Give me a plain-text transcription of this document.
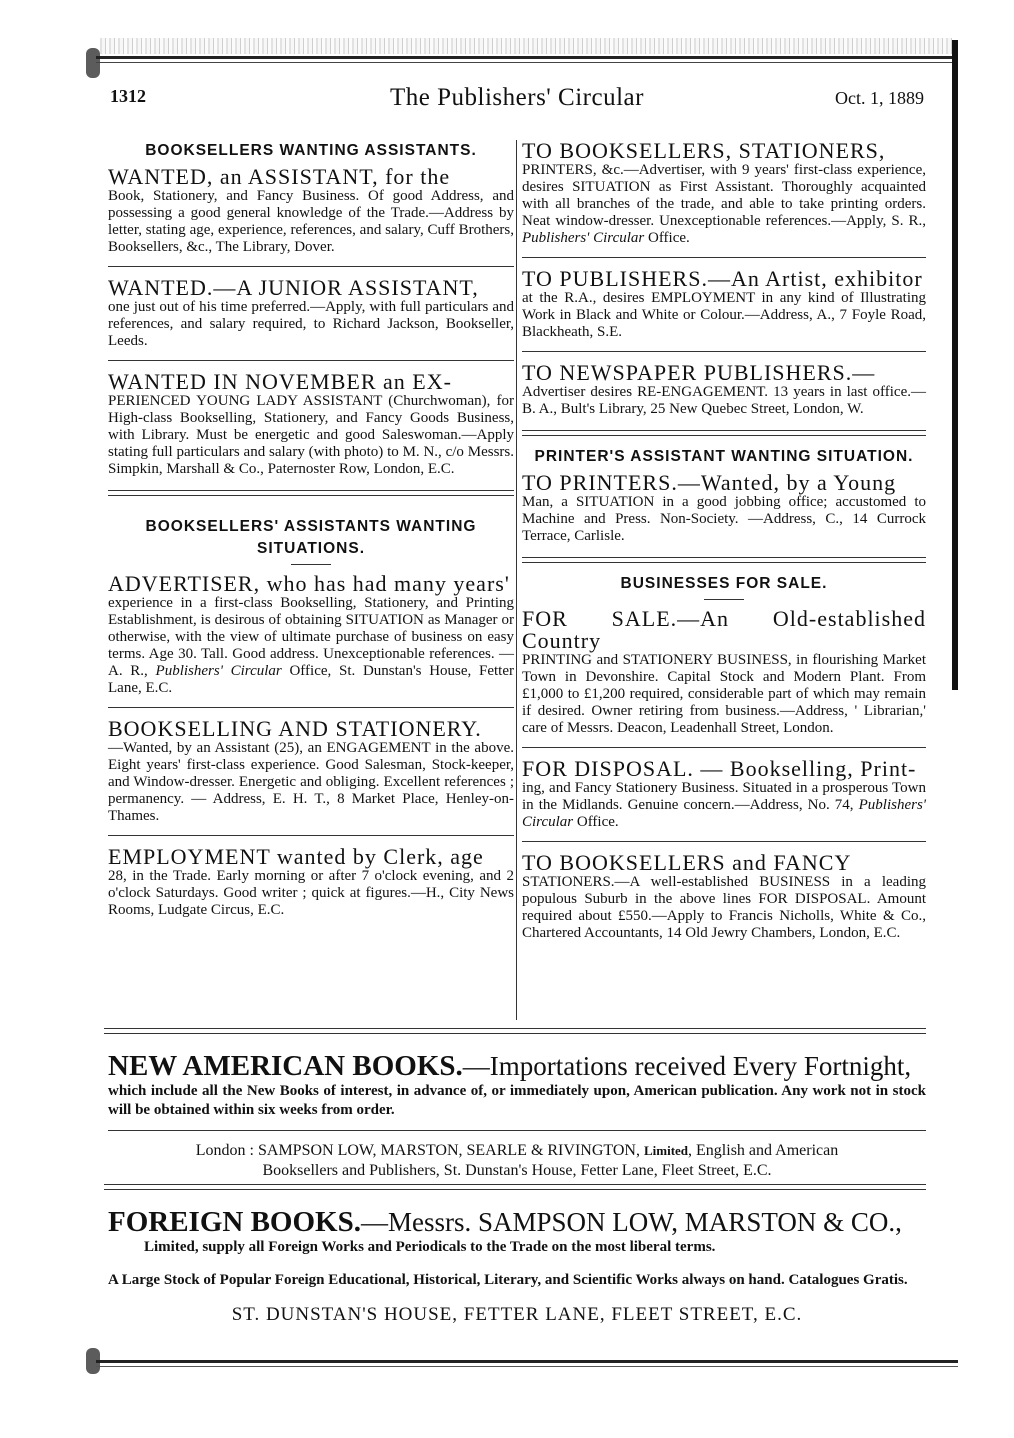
1312	The Publishers' Circular	Oct. 1, 1889
BOOKSELLERS WANTING ASSISTANTS.
WANTED, an ASSISTANT, for the

Book, Stationery, and Fancy Business. Of good Address, and possessing a good general knowledge of the Trade.—Address by letter, stating age, experience, references, and salary, Cuff Brothers, Booksellers, &c., The Library, Dover.

WANTED.—A JUNIOR ASSISTANT,

one just out of his time preferred.—Apply, with full particulars and references, and salary required, to Richard Jackson, Bookseller, Leeds.

WANTED IN NOVEMBER an EX-

PERIENCED YOUNG LADY ASSISTANT (Churchwoman), for High-class Bookselling, Stationery, and Fancy Goods Business, with Library. Must be energetic and good Saleswoman.—Apply stating full particulars and salary (with photo) to M. N., c/o Messrs. Simpkin, Marshall & Co., Paternoster Row, London, E.C.

BOOKSELLERS' ASSISTANTS WANTING
SITUATIONS.
ADVERTISER, who has had many years'

experience in a first-class Bookselling, Stationery, and Printing Establishment, is desirous of obtaining SITUATION as Manager or otherwise, with the view of ultimate purchase of business on easy terms. Age 30. Tall. Good address. Unexceptionable references. — A. R., Publishers' Circular Office, St. Dunstan's House, Fetter Lane, E.C.

BOOKSELLING AND STATIONERY.

—Wanted, by an Assistant (25), an ENGAGEMENT in the above. Eight years' first-class experience. Good Salesman, Stock-keeper, and Window-dresser. Energetic and obliging. Excellent references ; permanency. — Address, E. H. T., 8 Market Place, Henley-on-Thames.

EMPLOYMENT wanted by Clerk, age

28, in the Trade. Early morning or after 7 o'clock evening, and 2 o'clock Saturdays. Good writer ; quick at figures.—H., City News Rooms, Ludgate Circus, E.C.

TO BOOKSELLERS, STATIONERS,

PRINTERS, &c.—Advertiser, with 9 years' first-class experience, desires SITUATION as First Assistant. Thoroughly acquainted with all branches of the trade, and able to take printing orders. Neat window-dresser. Unexceptionable references.—Apply, S. R., Publishers' Circular Office.

TO PUBLISHERS.—An Artist, exhibitor

at the R.A., desires EMPLOYMENT in any kind of Illustrating Work in Black and White or Colour.—Address, A., 7 Foyle Road, Blackheath, S.E.

TO NEWSPAPER PUBLISHERS.—

Advertiser desires RE-ENGAGEMENT. 13 years in last office.—B. A., Bult's Library, 25 New Quebec Street, London, W.

PRINTER'S ASSISTANT WANTING SITUATION.
TO PRINTERS.—Wanted, by a Young

Man, a SITUATION in a good jobbing office; accustomed to Machine and Press. Non-Society. —Address, C., 14 Currock Terrace, Carlisle.

BUSINESSES FOR SALE.
FOR SALE.—An Old-established Country

PRINTING and STATIONERY BUSINESS, in flourishing Market Town in Devonshire. Capital Stock and Modern Plant. From £1,000 to £1,200 required, considerable part of which may remain if desired. Owner retiring from business.—Address, ' Librarian,' care of Messrs. Deacon, Leadenhall Street, London.

FOR DISPOSAL. — Bookselling, Print-

ing, and Fancy Stationery Business. Situated in a prosperous Town in the Midlands. Genuine concern.—Address, No. 74, Publishers' Circular Office.

TO BOOKSELLERS and FANCY

STATIONERS.—A well-established BUSINESS in a leading populous Suburb in the above lines FOR DISPOSAL. Amount required about £550.—Apply to Francis Nicholls, White & Co., Chartered Accountants, 14 Old Jewry Chambers, London, E.C.

NEW AMERICAN BOOKS.—Importations received Every Fortnight,

which include all the New Books of interest, in advance of, or immediately upon, American publication. Any work not in stock will be obtained within six weeks from order.

London : SAMPSON LOW, MARSTON, SEARLE & RIVINGTON, Limited, English and American

Booksellers and Publishers, St. Dunstan's House, Fetter Lane, Fleet Street, E.C.

FOREIGN BOOKS.—Messrs. SAMPSON LOW, MARSTON & CO.,

Limited, supply all Foreign Works and Periodicals to the Trade on the most liberal terms.

A Large Stock of Popular Foreign Educational, Historical, Literary, and Scientific Works always on hand. Catalogues Gratis.

ST. DUNSTAN'S HOUSE, FETTER LANE, FLEET STREET, E.C.
